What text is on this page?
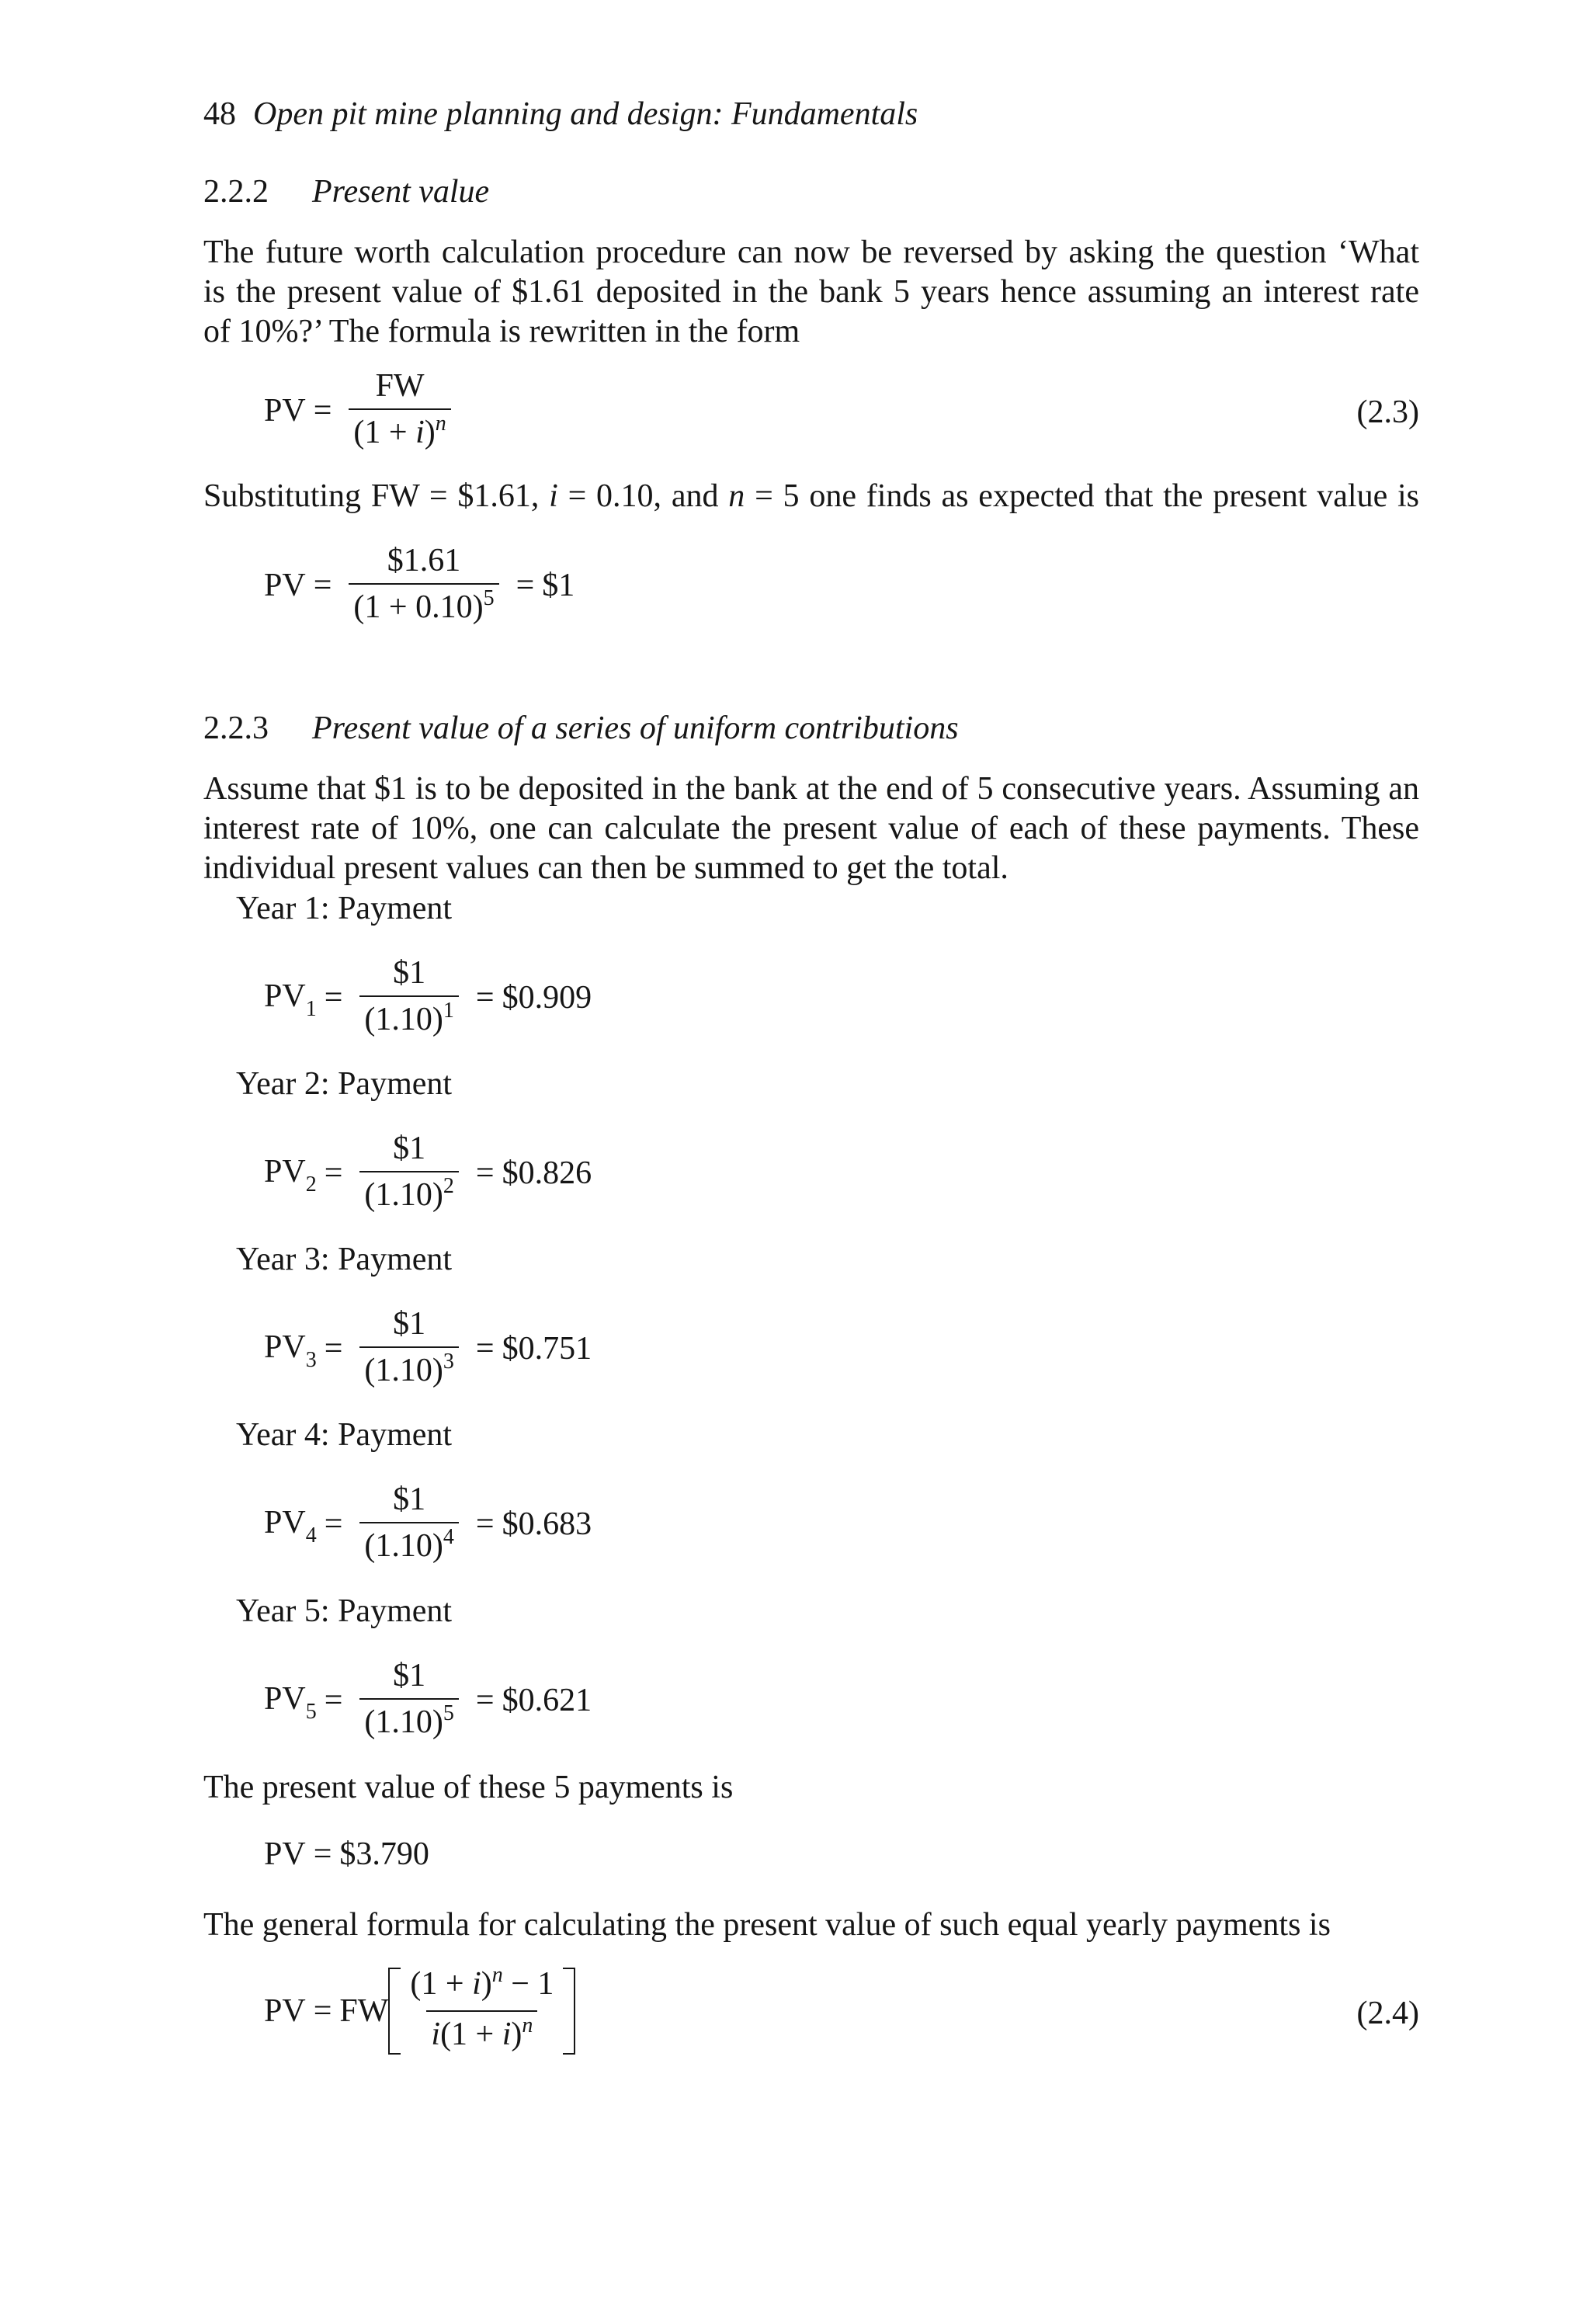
48 Open pit mine planning and design: Fundamentals
2.2.2 Present value
The future worth calculation procedure can now be reversed by asking the question ‘What
is the present value of $1.61 deposited in the bank 5 years hence assuming an interest rate
of 10%?’ The formula is rewritten in the form
PV = $\frac{FW}{(1 + i)^n}$	(2.3)
Substituting FW = $1.61, i = 0.10, and n = 5 one finds as expected that the present value is
PV = $\frac{\$1.61}{(1 + 0.10)^5}$ = $1
2.2.3 Present value of a series of uniform contributions
Assume that $1 is to be deposited in the bank at the end of 5 consecutive years. Assuming an
interest rate of 10%, one can calculate the present value of each of these payments. These
individual present values can then be summed to get the total.
Year 1: Payment
$PV_1 = \frac{\$1}{(1.10)^1}$ = $0.909
Year 2: Payment
$PV_2 = \frac{\$1}{(1.10)^2}$ = $0.826
Year 3: Payment
$PV_3 = \frac{\$1}{(1.10)^3}$ = $0.751
Year 4: Payment
$PV_4 = \frac{\$1}{(1.10)^4}$ = $0.683
Year 5: Payment
$PV_5 = \frac{\$1}{(1.10)^5}$ = $0.621
The present value of these 5 payments is
PV = $3.790
The general formula for calculating the present value of such equal yearly payments is
PV = FW $\frac{(1 + i)^n - 1}{i(1 + i)^n}$	(2.4)
